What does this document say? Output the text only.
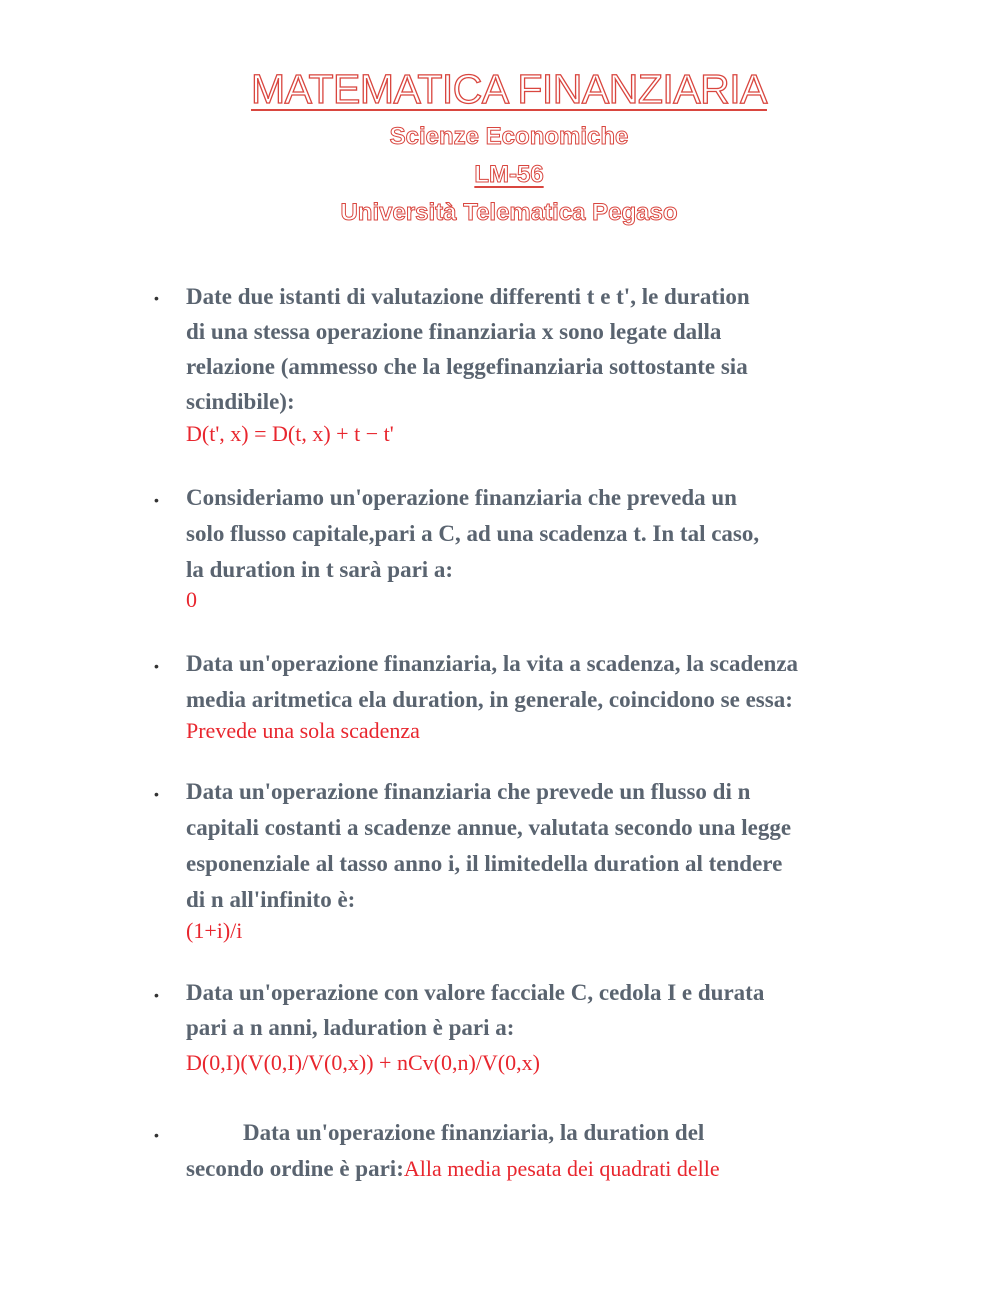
MATEMATICA FINANZIARIA
Scienze Economiche
LM-56
Università Telematica Pegaso
• Date due istanti di valutazione differenti t e t', le duration
di una stessa operazione finanziaria x sono legate dalla
relazione (ammesso che la leggefinanziaria sottostante sia
scindibile):
D(t', x) = D(t, x) + t − t'
• Consideriamo un'operazione finanziaria che preveda un
solo flusso capitale,pari a C, ad una scadenza t. In tal caso,
la duration in t sarà pari a:
0
• Data un'operazione finanziaria, la vita a scadenza, la scadenza
media aritmetica ela duration, in generale, coincidono se essa:
Prevede una sola scadenza
• Data un'operazione finanziaria che prevede un flusso di n
capitali costanti a scadenze annue, valutata secondo una legge
esponenziale al tasso anno i, il limitedella duration al tendere
di n all'infinito è:
(1+i)/i
• Data un'operazione con valore facciale C, cedola I e durata
pari a n anni, laduration è pari a:
D(0,I)(V(0,I)/V(0,x)) + nCv(0,n)/V(0,x)
•	Data un'operazione finanziaria, la duration del
secondo ordine è pari:Alla media pesata dei quadrati delle
